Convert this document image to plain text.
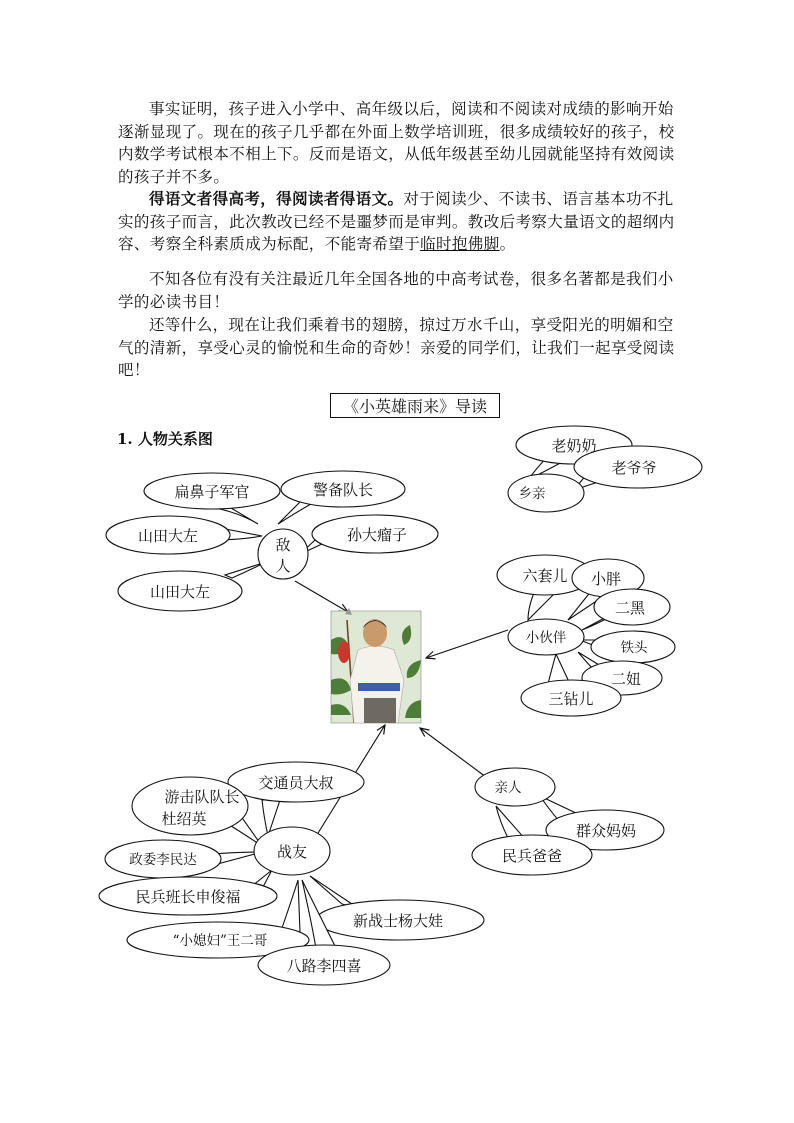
事实证明，孩子进入小学中、高年级以后，阅读和不阅读对成绩的影响开始逐渐显现了。现在的孩子几乎都在外面上数学培训班，很多成绩较好的孩子，校内数学考试根本不相上下。反而是语文，从低年级甚至幼儿园就能坚持有效阅读的孩子并不多。

得语文者得高考，得阅读者得语文。对于阅读少、不读书、语言基本功不扎实的孩子而言，此次教改已经不是噩梦而是审判。教改后考察大量语文的超纲内容、考察全科素质成为标配，不能寄希望于临时抱佛脚。

不知各位有没有关注最近几年全国各地的中高考试卷，很多名著都是我们小学的必读书目！

还等什么，现在让我们乘着书的翅膀，掠过万水千山，享受阳光的明媚和空气的清新，享受心灵的愉悦和生命的奇妙！亲爱的同学们，让我们一起享受阅读吧！

《小英雄雨来》导读
1. 人物关系图
敌
人
扁鼻子军官	警备队长
山田大左	孙大瘤子
山田大左
老奶奶
老爷爷
乡亲
六套儿 小胖
二黑
铁头
二妞
三钻儿
小伙伴
群众妈妈
民兵爸爸
亲人
交通员大叔
游击队队长
杜绍英
政委李民达
民兵班长申俊福
新战士杨大娃
“小媳妇”王二哥
八路李四喜
战友
